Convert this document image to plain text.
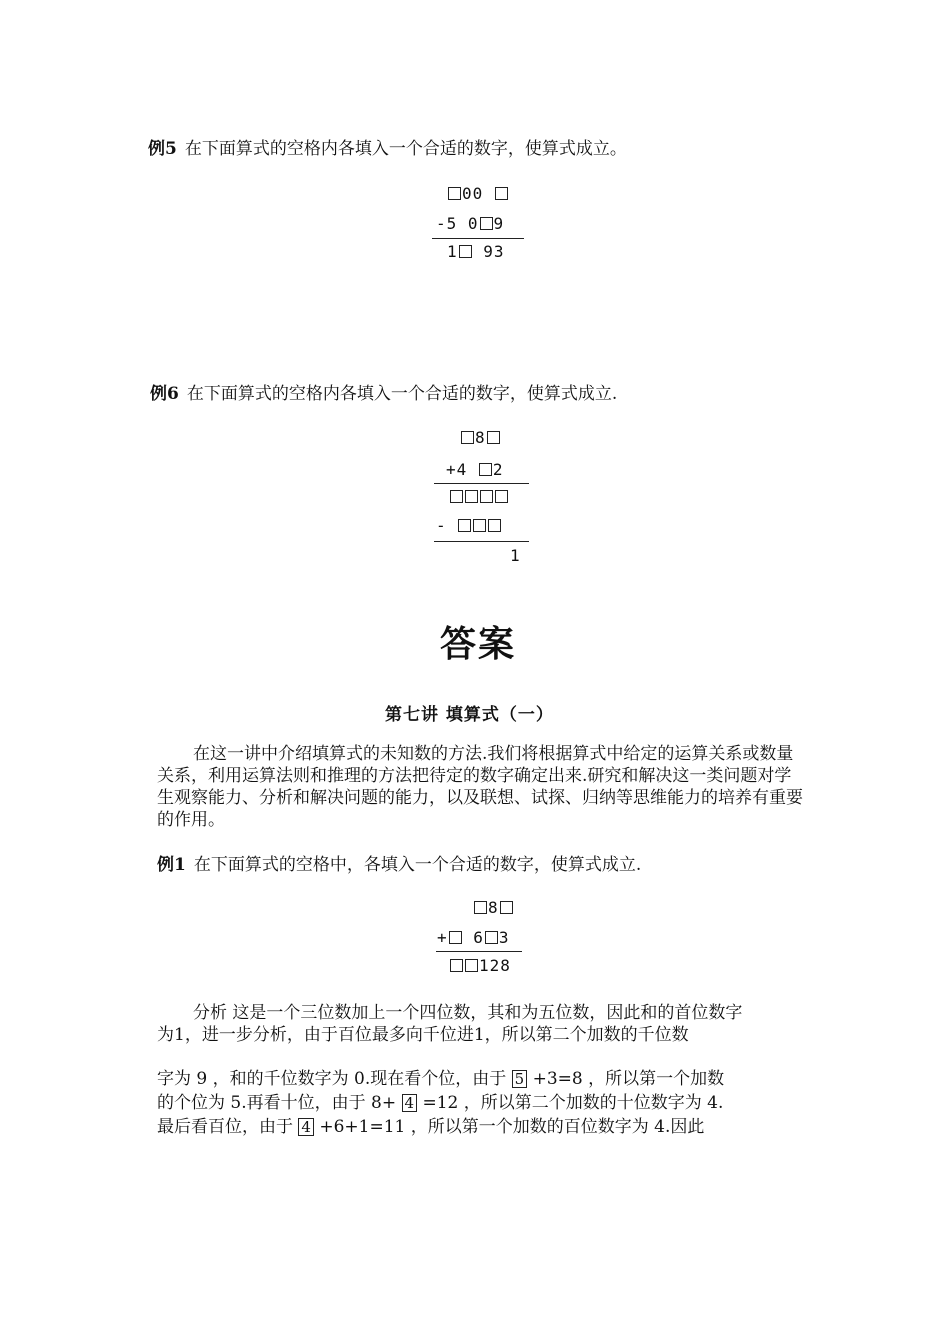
例5 在下面算式的空格内各填入一个合适的数字，使算式成立。
00
-5 0 9
1 93
例6 在下面算式的空格内各填入一个合适的数字，使算式成立.
8
+4 2
-
1
答案
第七讲 填算式（一）
在这一讲中介绍填算式的未知数的方法.我们将根据算式中给定的运算关系或数量关系，利用运算法则和推理的方法把待定的数字确定出来.研究和解决这一类问题对学生观察能力、分析和解决问题的能力，以及联想、试探、归纳等思维能力的培养有重要的作用。
例1 在下面算式的空格中，各填入一个合适的数字，使算式成立.
8
+ 6 3
128
分析 这是一个三位数加上一个四位数，其和为五位数，因此和的首位数字
为1，进一步分析，由于百位最多向千位进1，所以第二个加数的千位数
字为 9 ，和的千位数字为 0.现在看个位，由于 5 +3=8 ，所以第一个加数
的个位为 5.再看十位，由于 8+ 4 =12 ，所以第二个加数的十位数字为 4.
最后看百位，由于 4 +6+1=11 ，所以第一个加数的百位数字为 4.因此
